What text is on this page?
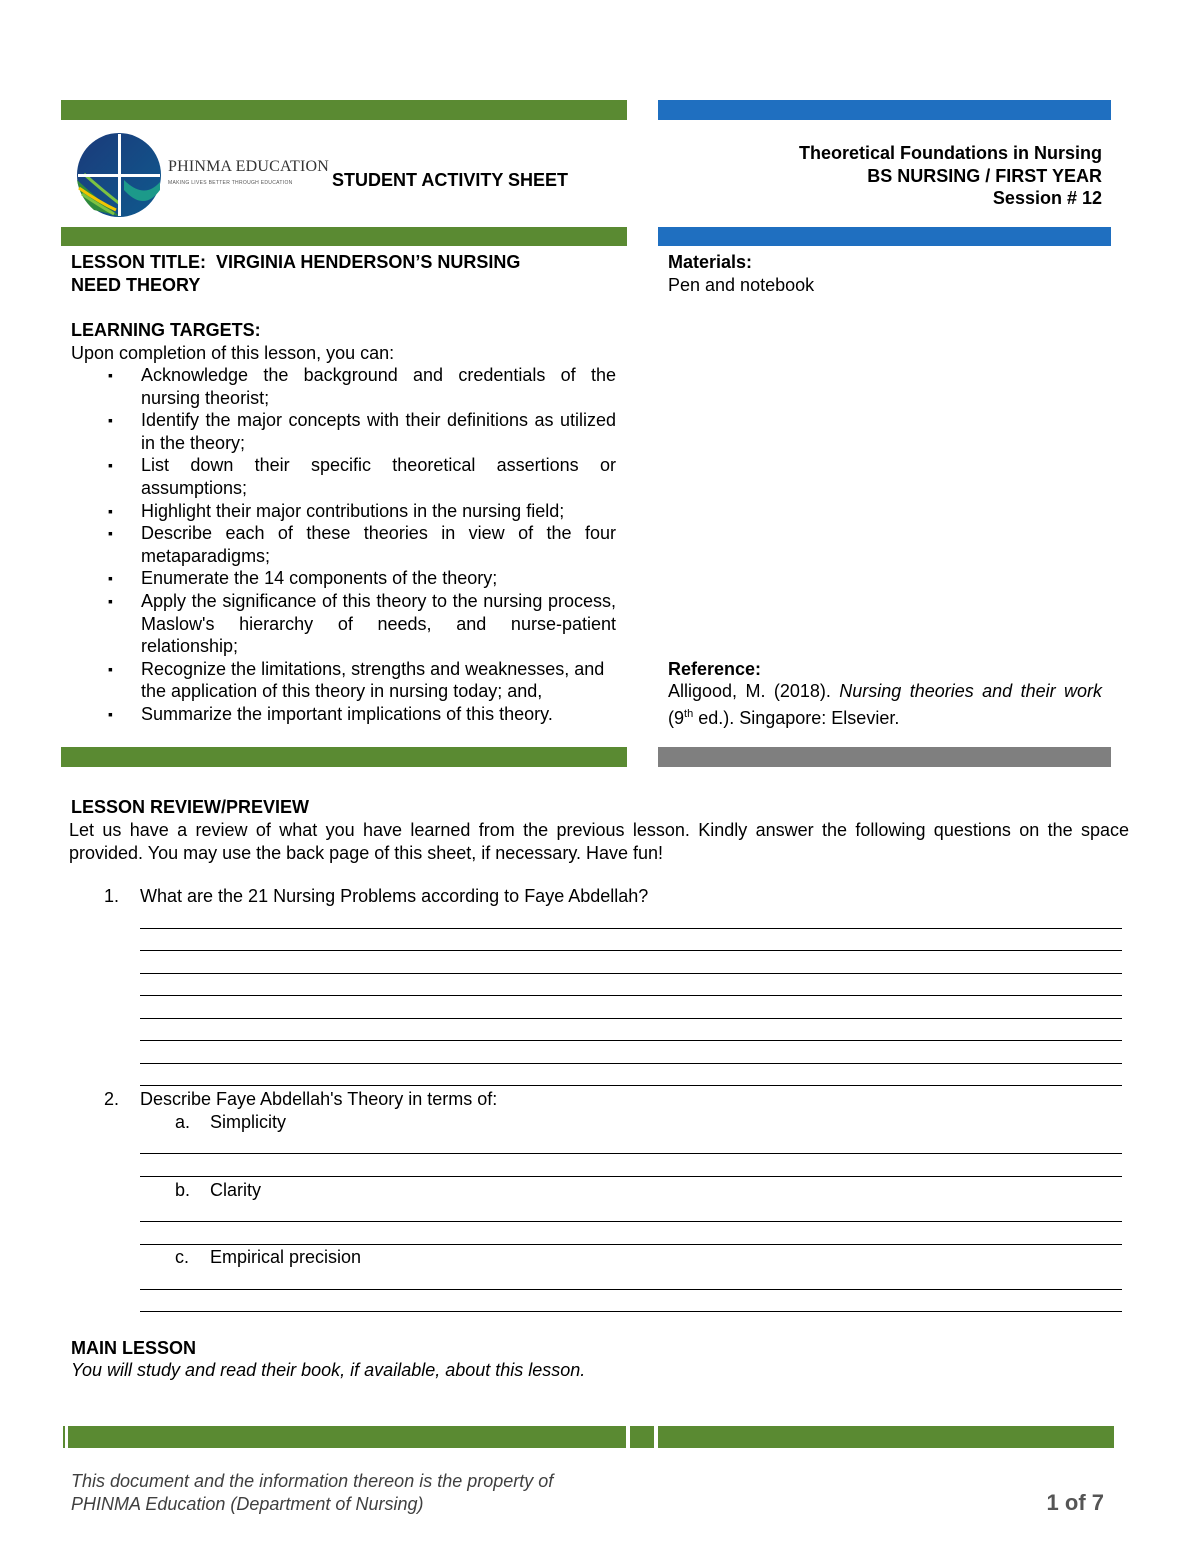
PHINMA EDUCATION
MAKING LIVES BETTER THROUGH EDUCATION STUDENT ACTIVITY SHEET
Theoretical Foundations in Nursing
BS NURSING / FIRST YEAR
Session # 12
LESSON TITLE: VIRGINIA HENDERSON’S NURSING
NEED THEORY
LEARNING TARGETS:
Upon completion of this lesson, you can:
▪ Acknowledge the background and credentials of the nursing theorist;
▪ Identify the major concepts with their definitions as utilized in the theory;
▪ List down their specific theoretical assertions or assumptions;
▪ Highlight their major contributions in the nursing field;
▪ Describe each of these theories in view of the four metaparadigms;
▪ Enumerate the 14 components of the theory;
▪ Apply the significance of this theory to the nursing process, Maslow's hierarchy of needs, and nurse-patient relationship;
▪ Recognize the limitations, strengths and weaknesses, and the application of this theory in nursing today; and,
▪ Summarize the important implications of this theory.
Materials:
Pen and notebook
Reference:
Alligood, M. (2018). Nursing theories and their work (9th ed.). Singapore: Elsevier.
LESSON REVIEW/PREVIEW
Let us have a review of what you have learned from the previous lesson. Kindly answer the following questions on the space provided. You may use the back page of this sheet, if necessary. Have fun!
1. What are the 21 Nursing Problems according to Faye Abdellah?
2. Describe Faye Abdellah's Theory in terms of:
a. Simplicity
b. Clarity
c. Empirical precision
MAIN LESSON
You will study and read their book, if available, about this lesson.
This document and the information thereon is the property of
PHINMA Education (Department of Nursing)	1 of 7
